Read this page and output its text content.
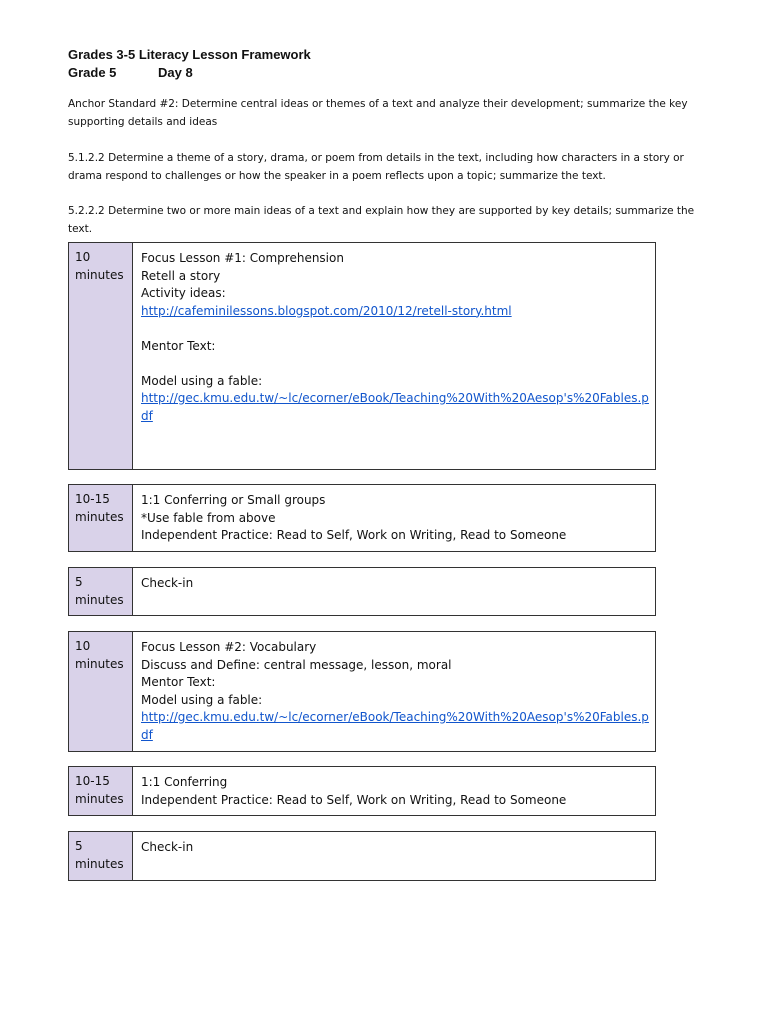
Grades 3-5 Literacy Lesson Framework

Grade 5	Day 8

Anchor Standard #2: Determine central ideas or themes of a text and analyze their development; summarize the key supporting details and ideas

5.1.2.2 Determine a theme of a story, drama, or poem from details in the text, including how characters in a story or drama respond to challenges or how the speaker in a poem reflects upon a topic; summarize the text.

5.2.2.2 Determine two or more main ideas of a text and explain how they are supported by key details; summarize the text.

10
minutes
Focus Lesson #1: Comprehension
Retell a story
Activity ideas:
http://cafeminilessons.blogspot.com/2010/12/retell-story.html
Mentor Text:
Model using a fable:
http://gec.kmu.edu.tw/~lc/ecorner/eBook/Teaching%20With%20Aesop's%20Fables.pdf
10-15
minutes
1:1 Conferring or Small groups
*Use fable from above
Independent Practice: Read to Self, Work on Writing, Read to Someone
5
minutes
Check-in
10
minutes
Focus Lesson #2: Vocabulary
Discuss and Define: central message, lesson, moral
Mentor Text:
Model using a fable:
http://gec.kmu.edu.tw/~lc/ecorner/eBook/Teaching%20With%20Aesop's%20Fables.pdf
10-15
minutes
1:1 Conferring
Independent Practice: Read to Self, Work on Writing, Read to Someone
5
minutes
Check-in
